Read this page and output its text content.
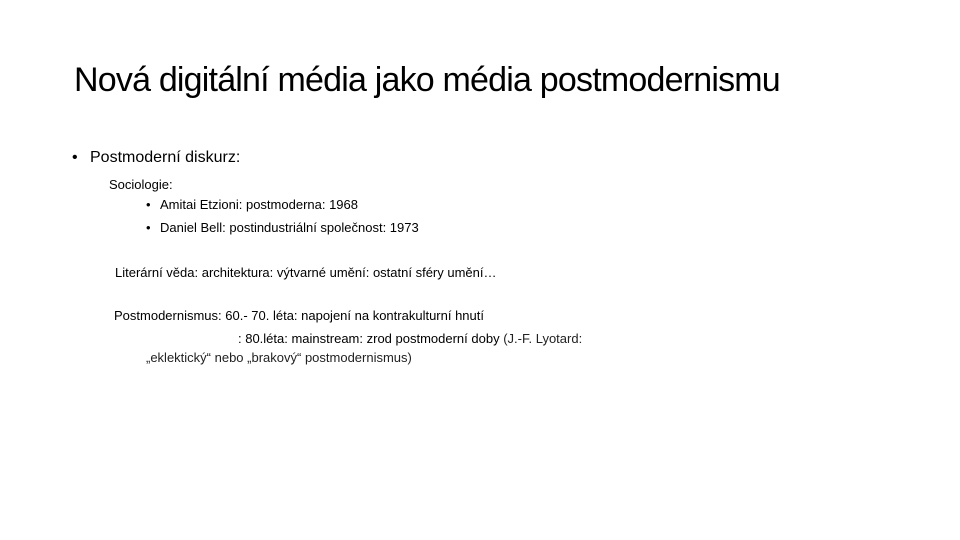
Nová digitální média jako média postmodernismu
• Postmoderní diskurz:
Sociologie:
• Amitai Etzioni: postmoderna: 1968
• Daniel Bell: postindustriální společnost: 1973
Literární věda: architektura: výtvarné umění: ostatní sféry umění…
Postmodernismus: 60.- 70. léta: napojení na kontrakulturní hnutí
: 80.léta: mainstream: zrod postmoderní doby (J.-F. Lyotard:
„eklektický“ nebo „brakový“ postmodernismus)
